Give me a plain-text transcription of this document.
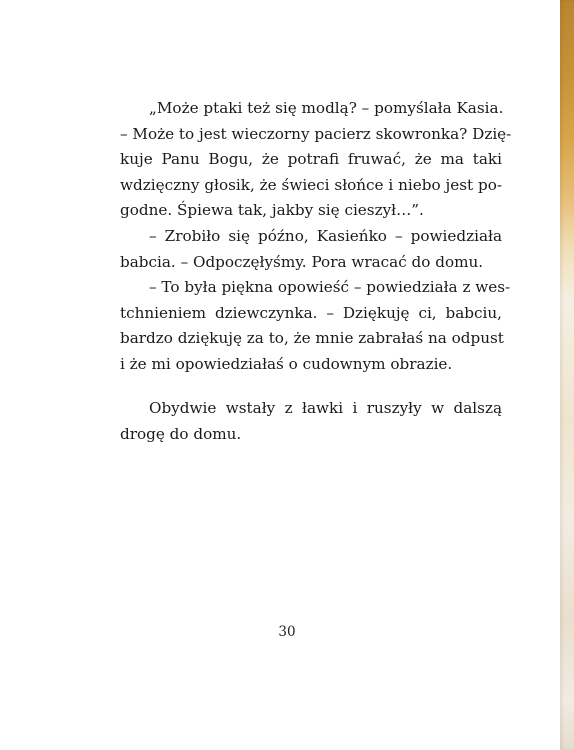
„Może ptaki też się modlą? – pomyślała Kasia.
– Może to jest wieczorny pacierz skowronka? Dzię-
kuje Panu Bogu, że potrafi fruwać, że ma taki
wdzięczny głosik, że świeci słońce i niebo jest po-
godne. Śpiewa tak, jakby się cieszył…”.
– Zrobiło się późno, Kasieńko – powiedziała
babcia. – Odpoczęłyśmy. Pora wracać do domu.
– To była piękna opowieść – powiedziała z wes-
tchnieniem dziewczynka. – Dziękuję ci, babciu,
bardzo dziękuję za to, że mnie zabrałaś na odpust
i że mi opowiedziałaś o cudownym obrazie.
Obydwie wstały z ławki i ruszyły w dalszą
drogę do domu.
30
